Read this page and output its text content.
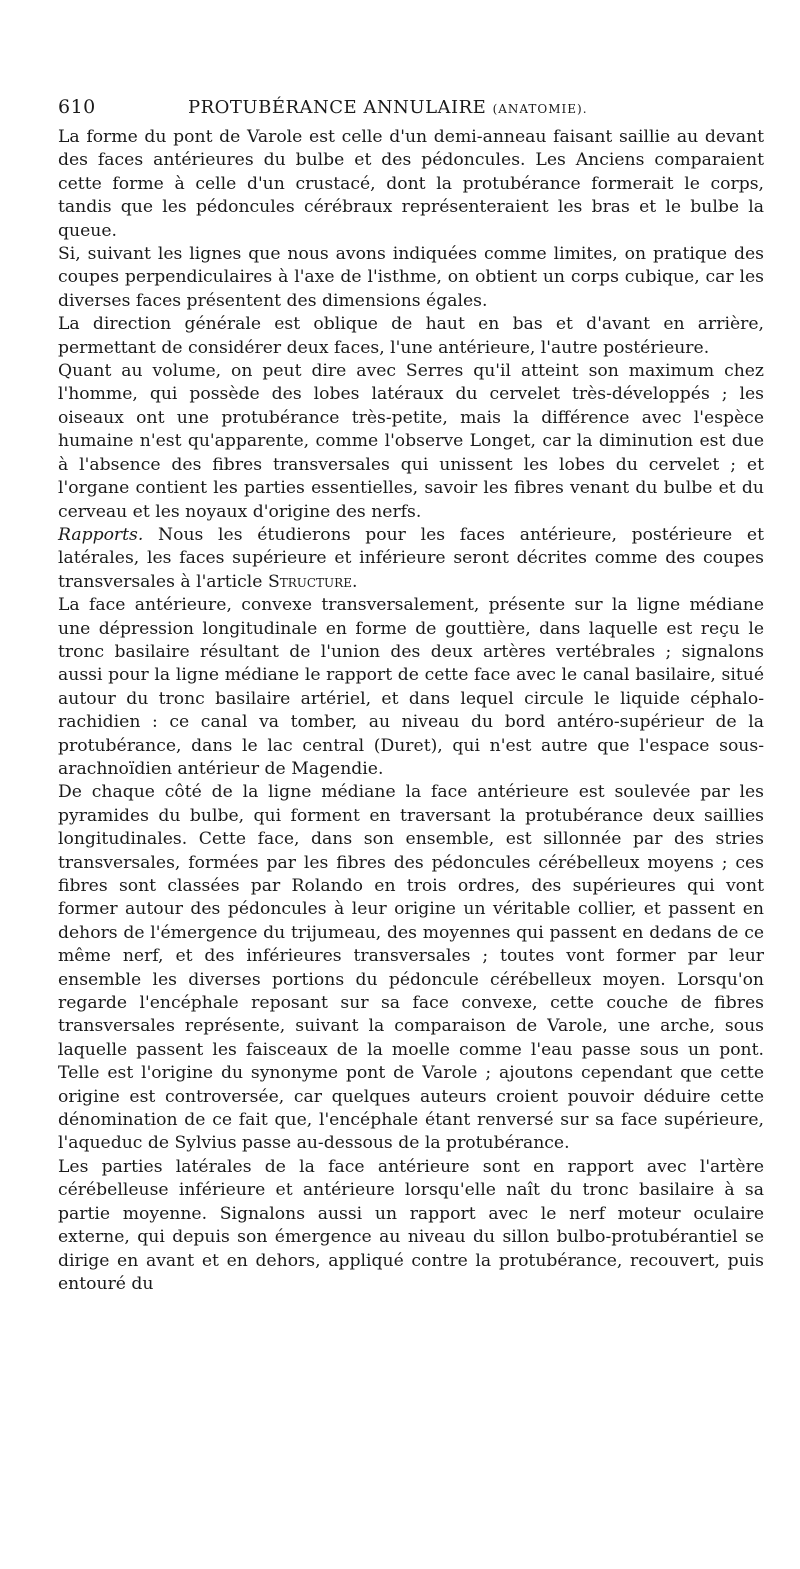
610	PROTUBÉRANCE ANNULAIRE (ANATOMIE).

La forme du pont de Varole est celle d'un demi-anneau faisant saillie au devant des faces antérieures du bulbe et des pédoncules. Les Anciens comparaient cette forme à celle d'un crustacé, dont la protubérance formerait le corps, tandis que les pédoncules cérébraux représenteraient les bras et le bulbe la queue.

Si, suivant les lignes que nous avons indiquées comme limites, on pratique des coupes perpendiculaires à l'axe de l'isthme, on obtient un corps cubique, car les diverses faces présentent des dimensions égales.

La direction générale est oblique de haut en bas et d'avant en arrière, permettant de considérer deux faces, l'une antérieure, l'autre postérieure.

Quant au volume, on peut dire avec Serres qu'il atteint son maximum chez l'homme, qui possède des lobes latéraux du cervelet très-développés ; les oiseaux ont une protubérance très-petite, mais la différence avec l'espèce humaine n'est qu'apparente, comme l'observe Longet, car la diminution est due à l'absence des fibres transversales qui unissent les lobes du cervelet ; et l'organe contient les parties essentielles, savoir les fibres venant du bulbe et du cerveau et les noyaux d'origine des nerfs.

Rapports. Nous les étudierons pour les faces antérieure, postérieure et latérales, les faces supérieure et inférieure seront décrites comme des coupes transversales à l'article Structure.

La face antérieure, convexe transversalement, présente sur la ligne médiane une dépression longitudinale en forme de gouttière, dans laquelle est reçu le tronc basilaire résultant de l'union des deux artères vertébrales ; signalons aussi pour la ligne médiane le rapport de cette face avec le canal basilaire, situé autour du tronc basilaire artériel, et dans lequel circule le liquide céphalo-rachidien : ce canal va tomber, au niveau du bord antéro-supérieur de la protubérance, dans le lac central (Duret), qui n'est autre que l'espace sous-arachnoïdien antérieur de Magendie.

De chaque côté de la ligne médiane la face antérieure est soulevée par les pyramides du bulbe, qui forment en traversant la protubérance deux saillies longitudinales. Cette face, dans son ensemble, est sillonnée par des stries transversales, formées par les fibres des pédoncules cérébelleux moyens ; ces fibres sont classées par Rolando en trois ordres, des supérieures qui vont former autour des pédoncules à leur origine un véritable collier, et passent en dehors de l'émergence du trijumeau, des moyennes qui passent en dedans de ce même nerf, et des inférieures transversales ; toutes vont former par leur ensemble les diverses portions du pédoncule cérébelleux moyen. Lorsqu'on regarde l'encéphale reposant sur sa face convexe, cette couche de fibres transversales représente, suivant la comparaison de Varole, une arche, sous laquelle passent les faisceaux de la moelle comme l'eau passe sous un pont. Telle est l'origine du synonyme pont de Varole ; ajoutons cependant que cette origine est controversée, car quelques auteurs croient pouvoir déduire cette dénomination de ce fait que, l'encéphale étant renversé sur sa face supérieure, l'aqueduc de Sylvius passe au-dessous de la protubérance.

Les parties latérales de la face antérieure sont en rapport avec l'artère cérébelleuse inférieure et antérieure lorsqu'elle naît du tronc basilaire à sa partie moyenne. Signalons aussi un rapport avec le nerf moteur oculaire externe, qui depuis son émergence au niveau du sillon bulbo-protubérantiel se dirige en avant et en dehors, appliqué contre la protubérance, recouvert, puis entouré du
